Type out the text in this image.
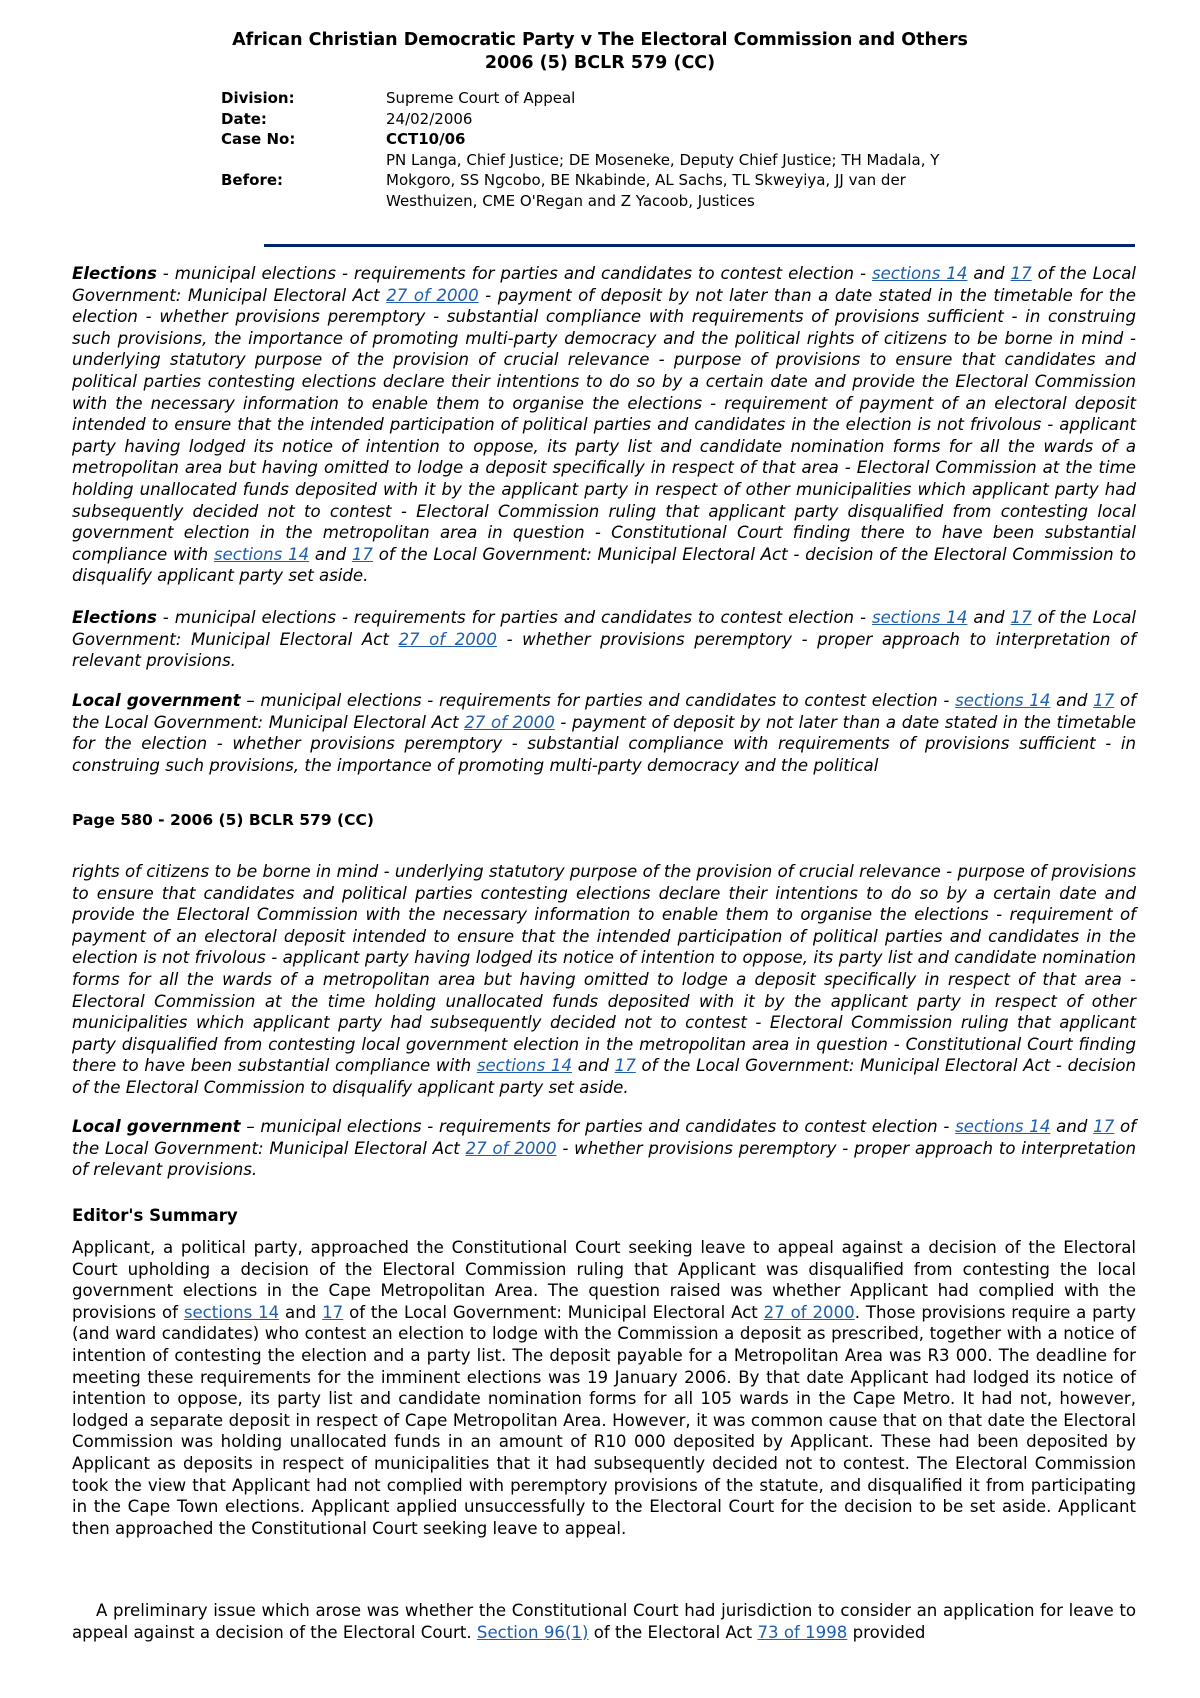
African Christian Democratic Party v The Electoral Commission and Others
2006 (5) BCLR 579 (CC)
Division:	Supreme Court of Appeal
Date:	24/02/2006
Case No:	CCT10/06
Before:
PN Langa, Chief Justice; DE Moseneke, Deputy Chief Justice; TH Madala, Y Mokgoro, SS Ngcobo, BE Nkabinde, AL Sachs, TL Skweyiya, JJ van der Westhuizen, CME O'Regan and Z Yacoob, Justices
Elections - municipal elections - requirements for parties and candidates to contest election - sections 14 and 17 of the Local Government: Municipal Electoral Act 27 of 2000 - payment of deposit by not later than a date stated in the timetable for the election - whether provisions peremptory - substantial compliance with requirements of provisions sufficient - in construing such provisions, the importance of promoting multi-party democracy and the political rights of citizens to be borne in mind - underlying statutory purpose of the provision of crucial relevance - purpose of provisions to ensure that candidates and political parties contesting elections declare their intentions to do so by a certain date and provide the Electoral Commission with the necessary information to enable them to organise the elections - requirement of payment of an electoral deposit intended to ensure that the intended participation of political parties and candidates in the election is not frivolous - applicant party having lodged its notice of intention to oppose, its party list and candidate nomination forms for all the wards of a metropolitan area but having omitted to lodge a deposit specifically in respect of that area - Electoral Commission at the time holding unallocated funds deposited with it by the applicant party in respect of other municipalities which applicant party had subsequently decided not to contest - Electoral Commission ruling that applicant party disqualified from contesting local government election in the metropolitan area in question - Constitutional Court finding there to have been substantial compliance with sections 14 and 17 of the Local Government: Municipal Electoral Act - decision of the Electoral Commission to disqualify applicant party set aside.
Elections - municipal elections - requirements for parties and candidates to contest election - sections 14 and 17 of the Local Government: Municipal Electoral Act 27 of 2000 - whether provisions peremptory - proper approach to interpretation of relevant provisions.
Local government – municipal elections - requirements for parties and candidates to contest election - sections 14 and 17 of the Local Government: Municipal Electoral Act 27 of 2000 - payment of deposit by not later than a date stated in the timetable for the election - whether provisions peremptory - substantial compliance with requirements of provisions sufficient - in construing such provisions, the importance of promoting multi-party democracy and the political
Page 580 - 2006 (5) BCLR 579 (CC)
rights of citizens to be borne in mind - underlying statutory purpose of the provision of crucial relevance - purpose of provisions to ensure that candidates and political parties contesting elections declare their intentions to do so by a certain date and provide the Electoral Commission with the necessary information to enable them to organise the elections - requirement of payment of an electoral deposit intended to ensure that the intended participation of political parties and candidates in the election is not frivolous - applicant party having lodged its notice of intention to oppose, its party list and candidate nomination forms for all the wards of a metropolitan area but having omitted to lodge a deposit specifically in respect of that area - Electoral Commission at the time holding unallocated funds deposited with it by the applicant party in respect of other municipalities which applicant party had subsequently decided not to contest - Electoral Commission ruling that applicant party disqualified from contesting local government election in the metropolitan area in question - Constitutional Court finding there to have been substantial compliance with sections 14 and 17 of the Local Government: Municipal Electoral Act - decision of the Electoral Commission to disqualify applicant party set aside.
Local government – municipal elections - requirements for parties and candidates to contest election - sections 14 and 17 of the Local Government: Municipal Electoral Act 27 of 2000 - whether provisions peremptory - proper approach to interpretation of relevant provisions.
Editor's Summary
Applicant, a political party, approached the Constitutional Court seeking leave to appeal against a decision of the Electoral Court upholding a decision of the Electoral Commission ruling that Applicant was disqualified from contesting the local government elections in the Cape Metropolitan Area. The question raised was whether Applicant had complied with the provisions of sections 14 and 17 of the Local Government: Municipal Electoral Act 27 of 2000. Those provisions require a party (and ward candidates) who contest an election to lodge with the Commission a deposit as prescribed, together with a notice of intention of contesting the election and a party list. The deposit payable for a Metropolitan Area was R3 000. The deadline for meeting these requirements for the imminent elections was 19 January 2006. By that date Applicant had lodged its notice of intention to oppose, its party list and candidate nomination forms for all 105 wards in the Cape Metro. It had not, however, lodged a separate deposit in respect of Cape Metropolitan Area. However, it was common cause that on that date the Electoral Commission was holding unallocated funds in an amount of R10 000 deposited by Applicant. These had been deposited by Applicant as deposits in respect of municipalities that it had subsequently decided not to contest. The Electoral Commission took the view that Applicant had not complied with peremptory provisions of the statute, and disqualified it from participating in the Cape Town elections. Applicant applied unsuccessfully to the Electoral Court for the decision to be set aside. Applicant then approached the Constitutional Court seeking leave to appeal.
A preliminary issue which arose was whether the Constitutional Court had jurisdiction to consider an application for leave to appeal against a decision of the Electoral Court. Section 96(1) of the Electoral Act 73 of 1998 provided
